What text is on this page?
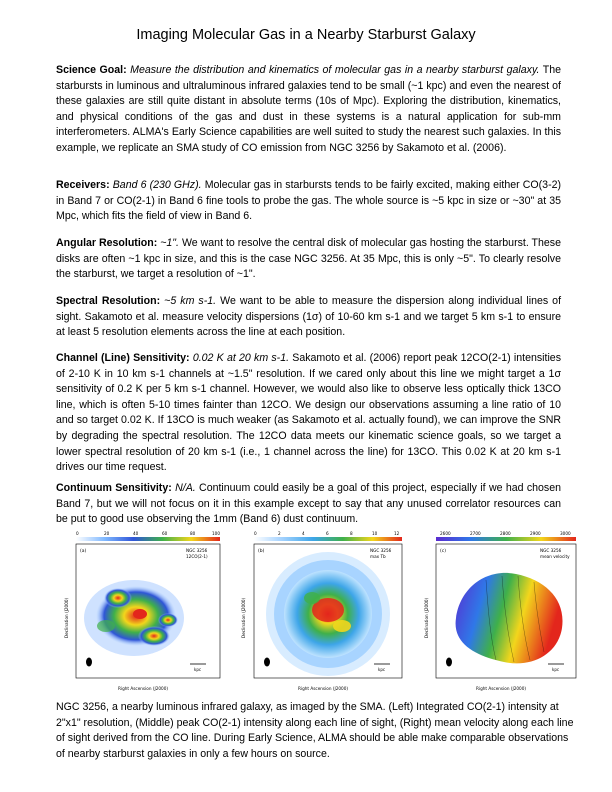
Imaging Molecular Gas in a Nearby Starburst Galaxy
Science Goal: Measure the distribution and kinematics of molecular gas in a nearby starburst galaxy. The starbursts in luminous and ultraluminous infrared galaxies tend to be small (~1 kpc) and even the nearest of these galaxies are still quite distant in absolute terms (10s of Mpc). Exploring the distribution, kinematics, and physical conditions of the gas and dust in these systems is a natural application for sub-mm interferometers. ALMA's Early Science capabilities are well suited to study the nearest such galaxies. In this example, we replicate an SMA study of CO emission from NGC 3256 by Sakamoto et al. (2006).
Receivers: Band 6 (230 GHz). Molecular gas in starbursts tends to be fairly excited, making either CO(3-2) in Band 7 or CO(2-1) in Band 6 fine tools to probe the gas. The whole source is ~5 kpc in size or ~30" at 35 Mpc, which fits the field of view in Band 6.
Angular Resolution: ~1". We want to resolve the central disk of molecular gas hosting the starburst. These disks are often ~1 kpc in size, and this is the case NGC 3256. At 35 Mpc, this is only ~5". To clearly resolve the starburst, we target a resolution of ~1".
Spectral Resolution: ~5 km s-1. We want to be able to measure the dispersion along individual lines of sight. Sakamoto et al. measure velocity dispersions (1σ) of 10-60 km s-1 and we target 5 km s-1 to ensure at least 5 resolution elements across the line at each position.
Channel (Line) Sensitivity: 0.02 K at 20 km s-1. Sakamoto et al. (2006) report peak 12CO(2-1) intensities of 2-10 K in 10 km s-1 channels at ~1.5" resolution. If we cared only about this line we might target a 1σ sensitivity of 0.2 K per 5 km s-1 channel. However, we would also like to observe less optically thick 13CO line, which is often 5-10 times fainter than 12CO. We design our observations assuming a line ratio of 10 and so target 0.02 K. If 13CO is much weaker (as Sakamoto et al. actually found), we can improve the SNR by degrading the spectral resolution. The 12CO data meets our kinematic science goals, so we target a lower spectral resolution of 20 km s-1 (i.e., 1 channel across the line) for 13CO. This 0.02 K at 20 km s-1 drives our time request.
Continuum Sensitivity: N/A. Continuum could easily be a goal of this project, especially if we had chosen Band 7, but we will not focus on it in this example except to say that any unused correlator resources can be put to good use observing the 1mm (Band 6) dust continuum.
0	20	40	60	80	100
(a)	NGC 3256
12CO(2-1)
kpc
Declination (J2000)
Right Ascension (J2000)
0	2	4	6	8	10	12
(b)	NGC 3256
max Tb
kpc
Declination (J2000)
Right Ascension (J2000)
2600	2700	2800	2900	3000
(c)	NGC 3256
mean velocity
kpc
Declination (J2000)
Right Ascension (J2000)
NGC 3256, a nearby luminous infrared galaxy, as imaged by the SMA. (Left) Integrated CO(2-1) intensity at 2"x1" resolution, (Middle) peak CO(2-1) intensity along each line of sight, (Right) mean velocity along each line of sight derived from the CO line. During Early Science, ALMA should be able make comparable observations of nearby starburst galaxies in only a few hours on source.
